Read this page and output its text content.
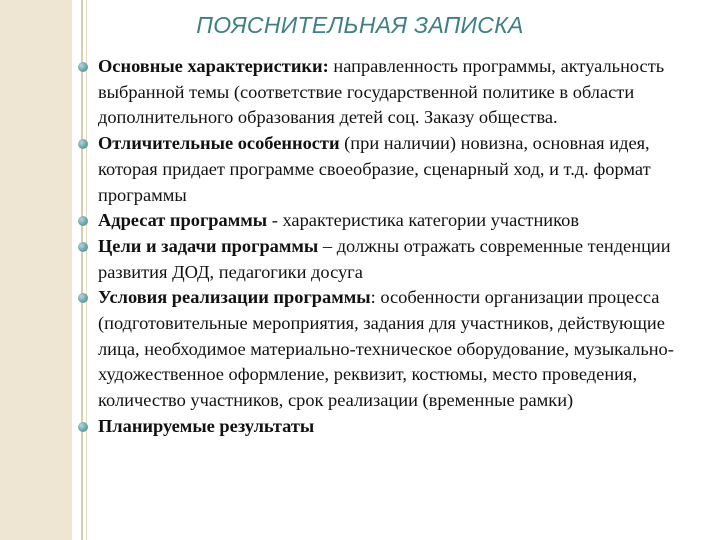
ПОЯСНИТЕЛЬНАЯ ЗАПИСКА
Основные характеристики: направленность программы, актуальность выбранной темы (соответствие государственной политике в области дополнительного образования детей соц. Заказу общества.
Отличительные особенности (при наличии) новизна, основная идея, которая придает программе своеобразие, сценарный ход, и т.д. формат программы
Адресат программы - характеристика категории участников
Цели и задачи программы – должны отражать современные тенденции развития ДОД, педагогики досуга
Условия реализации программы: особенности организации процесса (подготовительные мероприятия, задания для участников, действующие лица, необходимое материально-техническое оборудование, музыкально-художественное оформление, реквизит, костюмы, место проведения, количество участников, срок реализации (временные рамки)
Планируемые результаты
